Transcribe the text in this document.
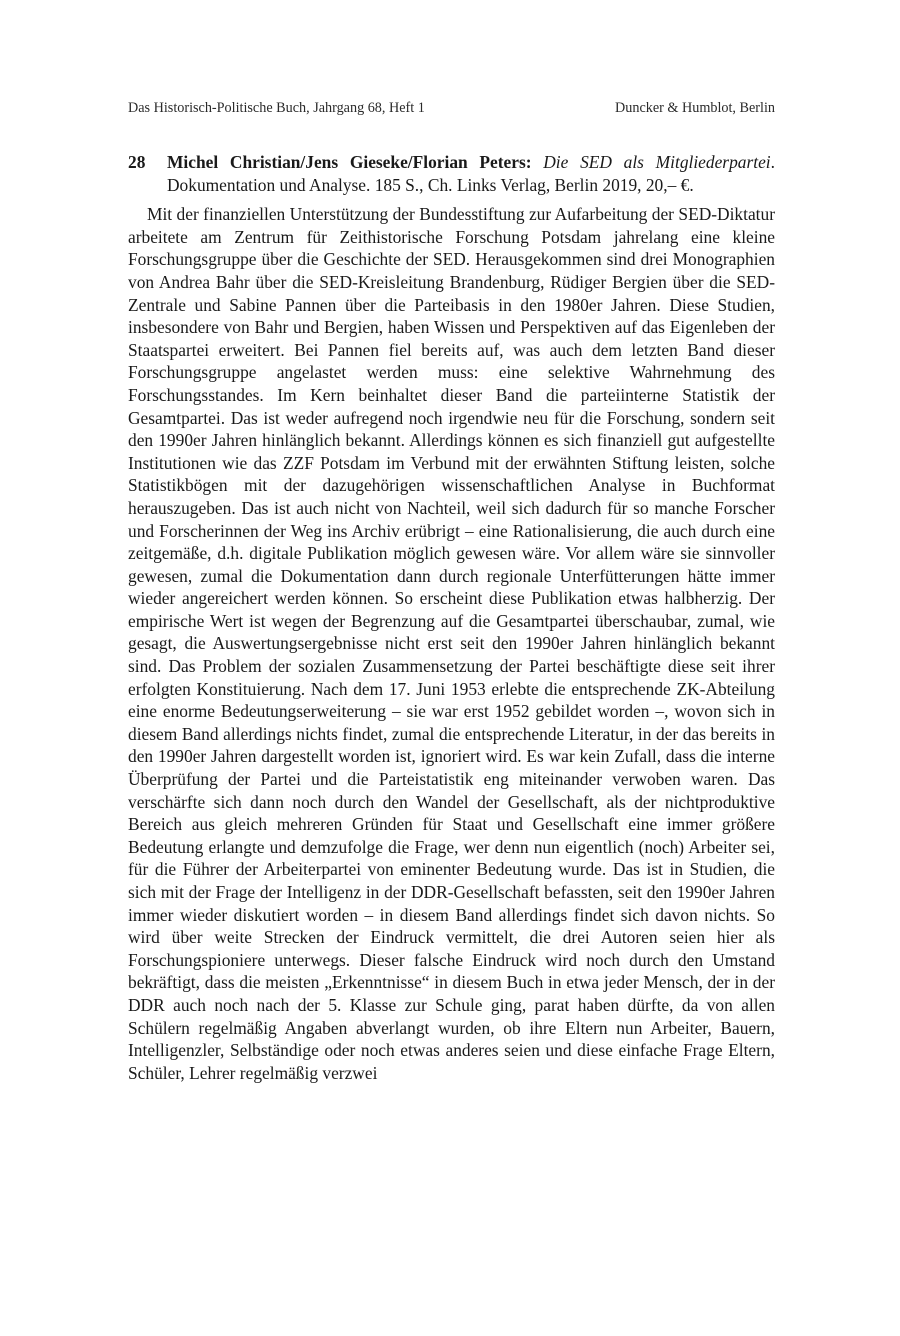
Das Historisch-Politische Buch, Jahrgang 68, Heft 1	Duncker & Humblot, Berlin
28 Michel Christian/Jens Gieseke/Florian Peters: Die SED als Mitgliederpartei. Dokumentation und Analyse. 185 S., Ch. Links Verlag, Berlin 2019, 20,– €.

Mit der finanziellen Unterstützung der Bundesstiftung zur Aufarbeitung der SED-Diktatur arbeitete am Zentrum für Zeithistorische Forschung Potsdam jahrelang eine kleine Forschungsgruppe über die Geschichte der SED. Herausgekommen sind drei Monographien von Andrea Bahr über die SED-Kreisleitung Brandenburg, Rüdiger Bergien über die SED-Zentrale und Sabine Pannen über die Parteibasis in den 1980er Jahren. Diese Studien, insbesondere von Bahr und Bergien, haben Wissen und Perspektiven auf das Eigenleben der Staatspartei erweitert. Bei Pannen fiel bereits auf, was auch dem letzten Band dieser Forschungsgruppe angelastet werden muss: eine selektive Wahrnehmung des Forschungsstandes. Im Kern beinhaltet dieser Band die parteiinterne Statistik der Gesamtpartei. Das ist weder aufregend noch irgendwie neu für die Forschung, sondern seit den 1990er Jahren hinlänglich bekannt. Allerdings können es sich finanziell gut aufgestellte Institutionen wie das ZZF Potsdam im Verbund mit der erwähnten Stiftung leisten, solche Statistikbögen mit der dazugehörigen wissenschaftlichen Analyse in Buchformat herauszugeben. Das ist auch nicht von Nachteil, weil sich dadurch für so manche Forscher und Forscherinnen der Weg ins Archiv erübrigt – eine Rationalisierung, die auch durch eine zeitgemäße, d.h. digitale Publikation möglich gewesen wäre. Vor allem wäre sie sinnvoller gewesen, zumal die Dokumentation dann durch regionale Unterfütterungen hätte immer wieder angereichert werden können. So erscheint diese Publikation etwas halbherzig. Der empirische Wert ist wegen der Begrenzung auf die Gesamtpartei überschaubar, zumal, wie gesagt, die Auswertungsergebnisse nicht erst seit den 1990er Jahren hinlänglich bekannt sind. Das Problem der sozialen Zusammensetzung der Partei beschäftigte diese seit ihrer erfolgten Konstituierung. Nach dem 17. Juni 1953 erlebte die entsprechende ZK-Abteilung eine enorme Bedeutungserweiterung – sie war erst 1952 gebildet worden –, wovon sich in diesem Band allerdings nichts findet, zumal die entsprechende Literatur, in der das bereits in den 1990er Jahren dargestellt worden ist, ignoriert wird. Es war kein Zufall, dass die interne Überprüfung der Partei und die Parteistatistik eng miteinander verwoben waren. Das verschärfte sich dann noch durch den Wandel der Gesellschaft, als der nichtproduktive Bereich aus gleich mehreren Gründen für Staat und Gesellschaft eine immer größere Bedeutung erlangte und demzufolge die Frage, wer denn nun eigentlich (noch) Arbeiter sei, für die Führer der Arbeiterpartei von eminenter Bedeutung wurde. Das ist in Studien, die sich mit der Frage der Intelligenz in der DDR-Gesellschaft befassten, seit den 1990er Jahren immer wieder diskutiert worden – in diesem Band allerdings findet sich davon nichts. So wird über weite Strecken der Eindruck vermittelt, die drei Autoren seien hier als Forschungspioniere unterwegs. Dieser falsche Eindruck wird noch durch den Umstand bekräftigt, dass die meisten „Erkenntnisse“ in diesem Buch in etwa jeder Mensch, der in der DDR auch noch nach der 5. Klasse zur Schule ging, parat haben dürfte, da von allen Schülern regelmäßig Angaben abverlangt wurden, ob ihre Eltern nun Arbeiter, Bauern, Intelligenzler, Selbständige oder noch etwas anderes seien und diese einfache Frage Eltern, Schüler, Lehrer regelmäßig verzwei
